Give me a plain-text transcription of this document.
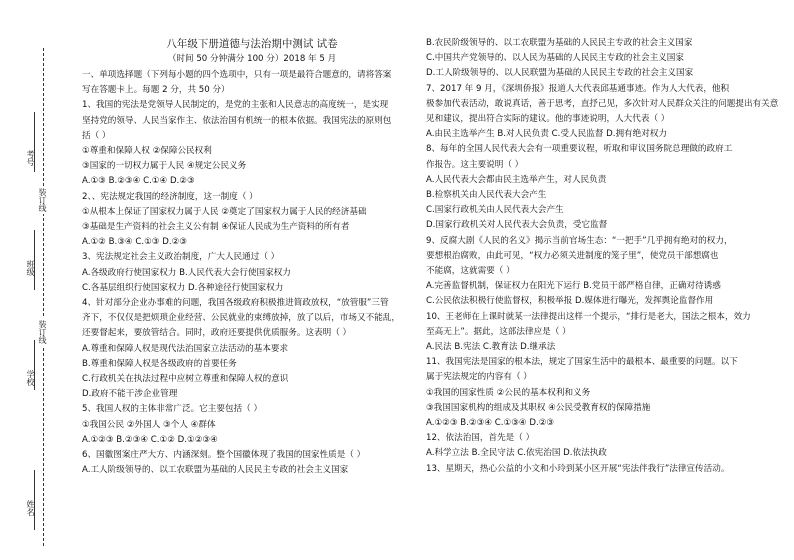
考号
装订线
班级
装订线
学校
姓名
八年级下册道德与法治期中测试 试卷
（时间 50 分钟满分 100 分）2018 年 5 月

一、单项选择题（下列每小题的四个选项中，只有一项是最符合题意的，请将答案

写在答题卡上。每题 2 分，共 50 分）

1、我国的宪法是党领导人民制定的，是党的主张和人民意志的高度统一，是实现

坚持党的领导、人民当家作主、依法治国有机统一的根本依据。我国宪法的原则包

括（ ）

①尊重和保障人权 ②保障公民权利

③国家的一切权力属于人民 ④规定公民义务

A.①③ B.②③④ C.①④ D.②③

2、、宪法规定我国的经济制度，这一制度（ ）

①从根本上保证了国家权力属于人民 ②奠定了国家权力属于人民的经济基础

③基础是生产资料的社会主义公有制 ④保证人民成为生产资料的所有者

A.①② B.③④ C.①③ D.②③

3、宪法规定社会主义政治制度，广大人民通过（ ）

A.各级政府行使国家权力 B.人民代表大会行使国家权力

C.各基层组织行使国家权力 D.各种途径行使国家权力

4、针对部分企业办事难的问题，我国各级政府积极推进简政放权，“放管服”三管

齐下，不仅仅是把烦琐企业经营、公民就业的束缚放掉，放了以后，市场又不能乱，

还要督起来，要放管结合。同时，政府还要提供优质服务。这表明（ ）

A.尊重和保障人权是现代法治国家立法活动的基本要求

B.尊重和保障人权是各级政府的首要任务

C.行政机关在执法过程中应树立尊重和保障人权的意识

D.政府不能干涉企业管理

5、我国人权的主体非常广泛。它主要包括（ ）

①我国公民 ②外国人 ③个人 ④群体

A.①②③ B.②③④ C.①② D.①②③④

6、国徽图案庄严大方、内涵深刻。整个国徽体现了我国的国家性质是（ ）

A.工人阶级领导的、以工农联盟为基础的人民民主专政的社会主义国家

B.农民阶级领导的、以工农联盟为基础的人民民主专政的社会主义国家

C.中国共产党领导的、以人民为基础的人民民主专政的社会主义国家

D.工人阶级领导的、以人民联盟为基础的人民民主专政的社会主义国家

7、2017 年 9 月，《深圳侨报》报道人大代表邱基通事迹。作为人大代表，他积

极参加代表活动，敢说真话，善于思考，直抒己见，多次针对人民群众关注的问题提出有关意

见和建议，提出符合实际的建议。他的事迹说明，人大代表（ ）

A.由民主选举产生 B.对人民负责 C.受人民监督 D.拥有绝对权力

8、每年的全国人民代表大会有一项重要议程，听取和审议国务院总理做的政府工

作报告。这主要说明（ ）

A.人民代表大会都由民主选举产生，对人民负责

B.检察机关由人民代表大会产生

C.国家行政机关由人民代表大会产生

D.国家行政机关对人民代表大会负责，受它监督

9、反腐大剧《人民的名义》揭示当前官场生态：“一把手”几乎拥有绝对的权力，

要想根治腐败，由此可见，“权力必须关进制度的笼子里”，使党员干部想腐也

不能腐，这就需要（ ）

A.完善监督机制，保证权力在阳光下运行 B.党员干部严格自律，正确对待诱惑

C.公民依法积极行使监督权，积极举报 D.媒体进行曝光，发挥舆论监督作用

10、王老师在上课时就某一法律提出这样一个提示，“排行是老大，国法之根本，效力

至高无上”。据此，这部法律应是（ ）

A.民法 B.宪法 C.教育法 D.继承法

11、我国宪法是国家的根本法，规定了国家生活中的最根本、最重要的问题。以下

属于宪法规定的内容有（ ）

①我国的国家性质 ②公民的基本权利和义务

③我国国家机构的组成及其职权 ④公民受教育权的保障措施

A.①②③ B.②③④ C.①③④ D.②③

12、依法治国，首先是（ ）

A.科学立法 B.全民守法 C.依宪治国 D.依法执政

13、星期天，热心公益的小文和小玲到某小区开展“宪法伴我行”法律宣传活动。
